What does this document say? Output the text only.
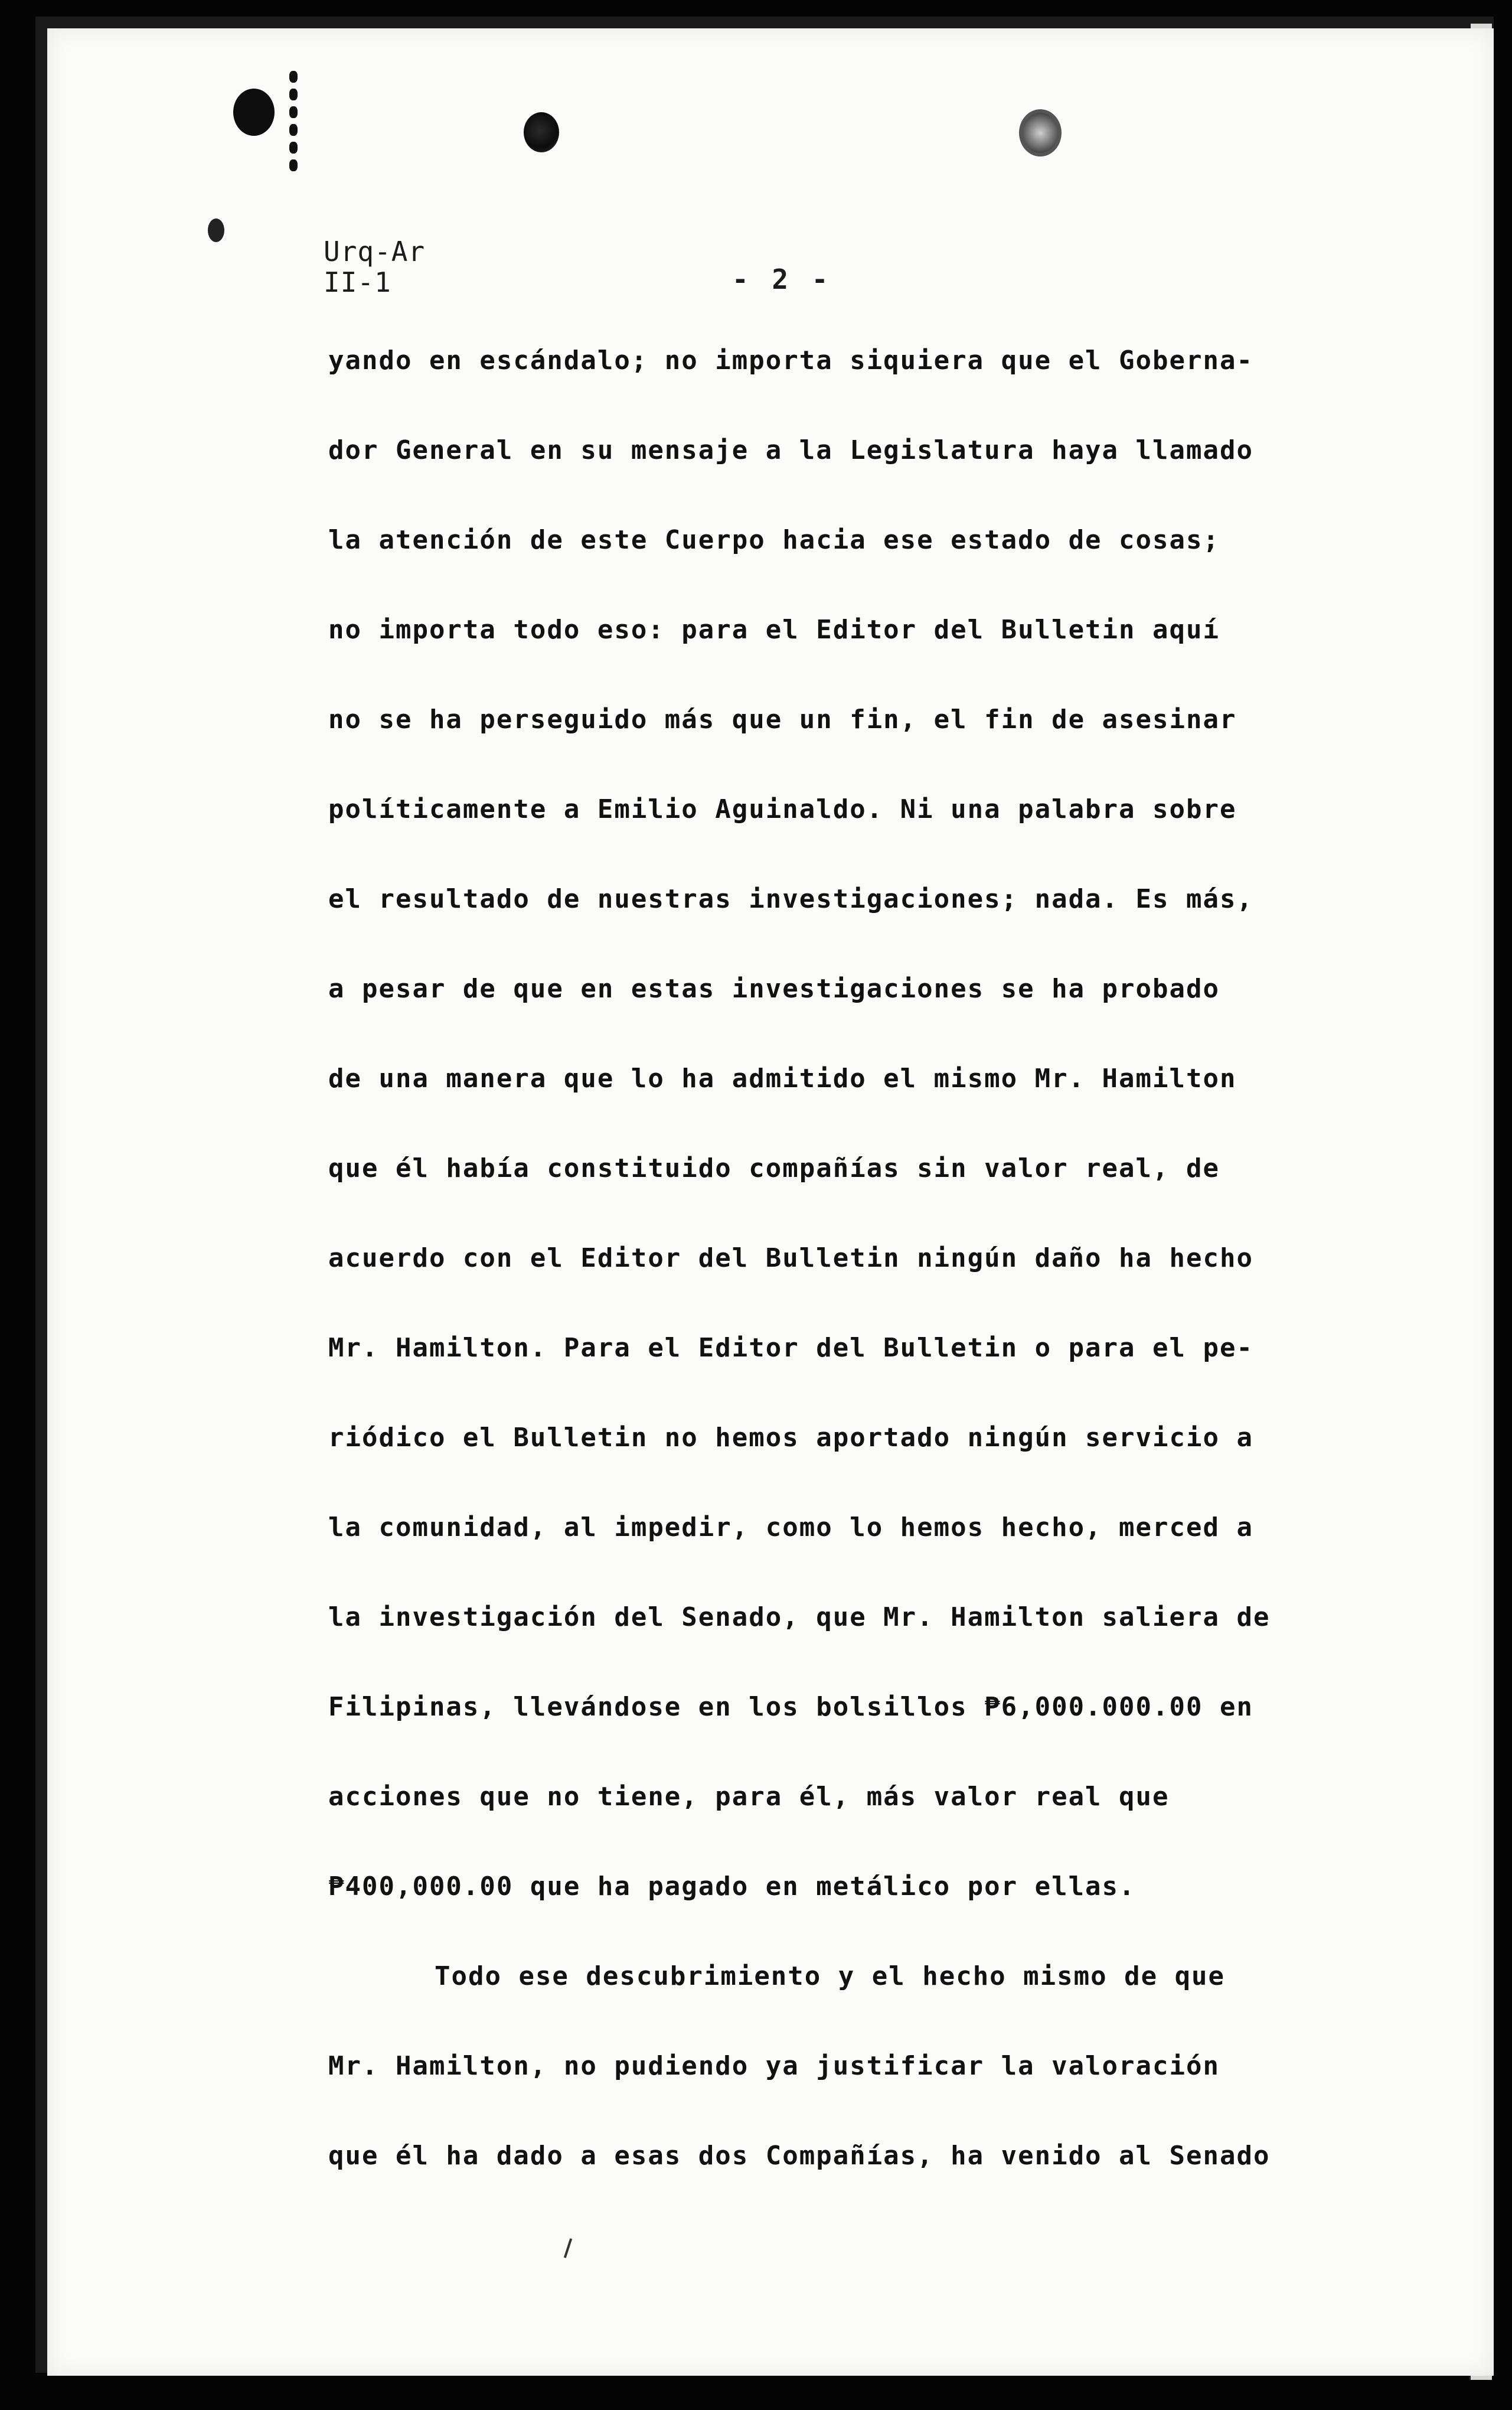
Urq-Ar
II-1	- 2 -
yando en escándalo; no importa siquiera que el Goberna-
dor General en su mensaje a la Legislatura haya llamado
la atención de este Cuerpo hacia ese estado de cosas;
no importa todo eso: para el Editor del Bulletin aquí
no se ha perseguido más que un fin, el fin de asesinar
políticamente a Emilio Aguinaldo. Ni una palabra sobre
el resultado de nuestras investigaciones; nada. Es más,
a pesar de que en estas investigaciones se ha probado
de una manera que lo ha admitido el mismo Mr. Hamilton
que él había constituido compañías sin valor real, de
acuerdo con el Editor del Bulletin ningún daño ha hecho
Mr. Hamilton. Para el Editor del Bulletin o para el pe-
riódico el Bulletin no hemos aportado ningún servicio a
la comunidad, al impedir, como lo hemos hecho, merced a
la investigación del Senado, que Mr. Hamilton saliera de
Filipinas, llevándose en los bolsillos ₱6,000.000.00 en
acciones que no tiene, para él, más valor real que
₱400,000.00 que ha pagado en metálico por ellas.
Todo ese descubrimiento y el hecho mismo de que
Mr. Hamilton, no pudiendo ya justificar la valoración
que él ha dado a esas dos Compañías, ha venido al Senado
